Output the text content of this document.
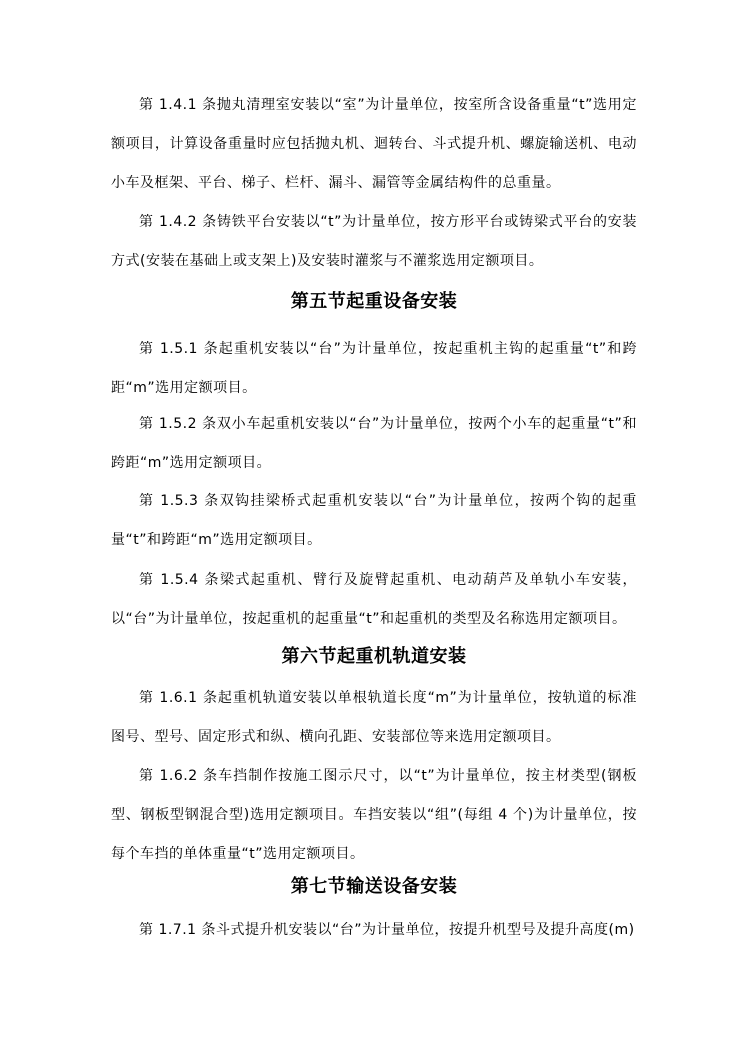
第 1.4.1 条抛丸清理室安装以“室”为计量单位，按室所含设备重量“t”选用定额项目，计算设备重量时应包括抛丸机、迴转台、斗式提升机、螺旋输送机、电动小车及框架、平台、梯子、栏杆、漏斗、漏管等金属结构件的总重量。

第 1.4.2 条铸铁平台安装以“t”为计量单位，按方形平台或铸梁式平台的安装方式(安装在基础上或支架上)及安装时灌浆与不灌浆选用定额项目。

第五节起重设备安装

第 1.5.1 条起重机安装以“台”为计量单位，按起重机主钩的起重量“t”和跨距“m”选用定额项目。

第 1.5.2 条双小车起重机安装以“台”为计量单位，按两个小车的起重量“t”和跨距“m”选用定额项目。

第 1.5.3 条双钩挂梁桥式起重机安装以“台”为计量单位，按两个钩的起重量“t”和跨距“m”选用定额项目。

第 1.5.4 条梁式起重机、臂行及旋臂起重机、电动葫芦及单轨小车安装，以“台”为计量单位，按起重机的起重量“t”和起重机的类型及名称选用定额项目。

第六节起重机轨道安装

第 1.6.1 条起重机轨道安装以单根轨道长度“m”为计量单位，按轨道的标准图号、型号、固定形式和纵、横向孔距、安装部位等来选用定额项目。

第 1.6.2 条车挡制作按施工图示尺寸，以“t”为计量单位，按主材类型(钢板型、钢板型钢混合型)选用定额项目。车挡安装以“组”(每组 4 个)为计量单位，按每个车挡的单体重量“t”选用定额项目。

第七节输送设备安装

第 1.7.1 条斗式提升机安装以“台”为计量单位，按提升机型号及提升高度(m)
